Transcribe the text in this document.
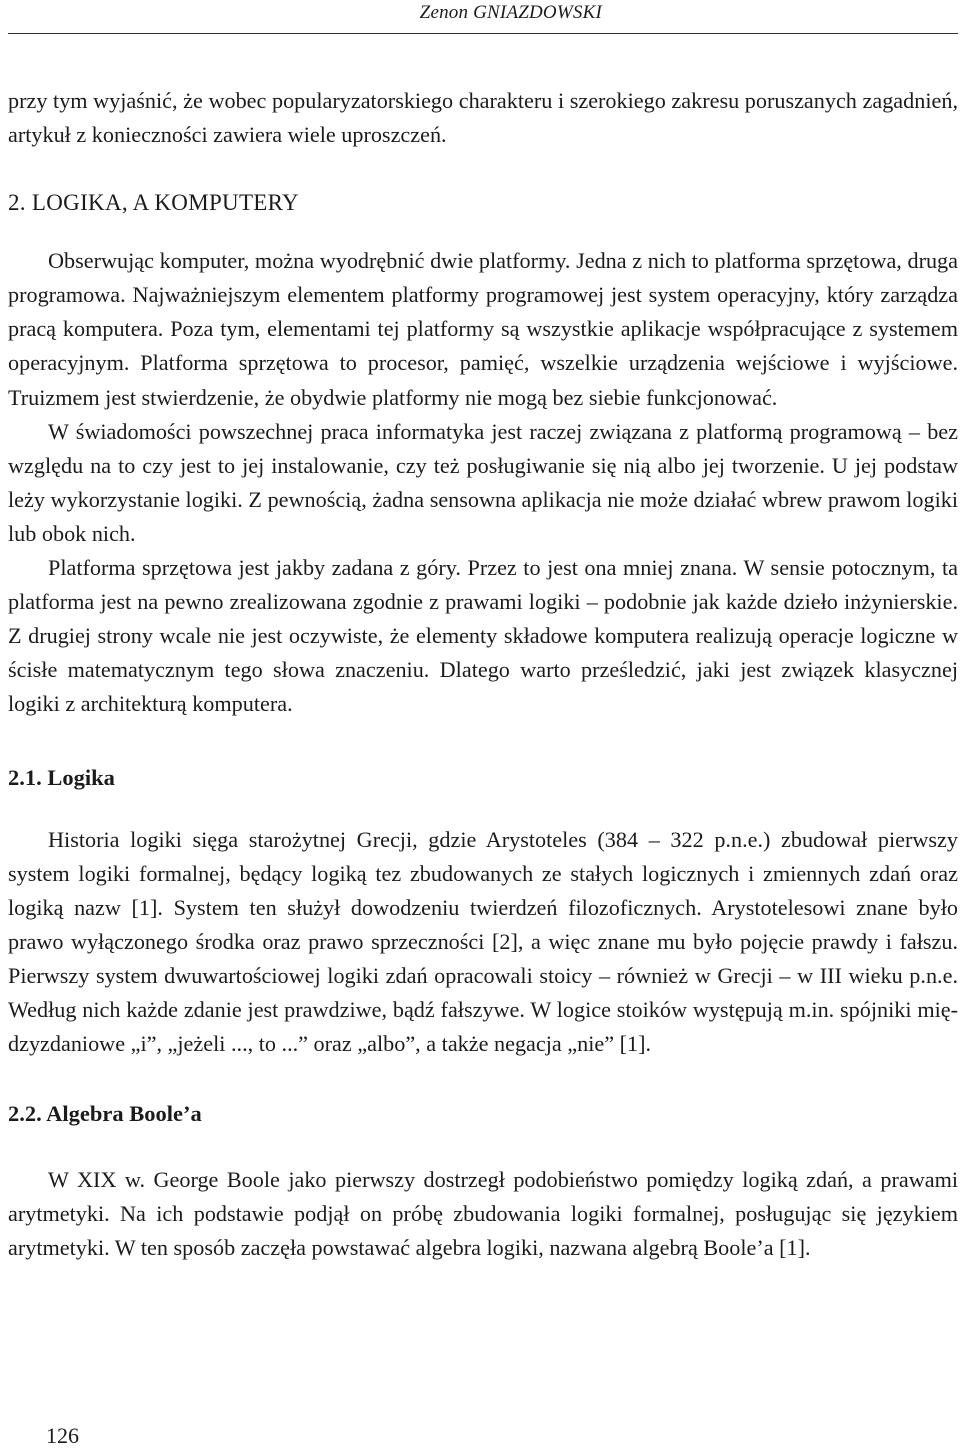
Zenon GNIAZDOWSKI

przy tym wyjaśnić, że wobec popularyzatorskiego charakteru i szerokiego zakresu poruszanych zagadnień, artykuł z konieczności zawiera wiele uproszczeń.

2. LOGIKA, A KOMPUTERY

Obserwując komputer, można wyodrębnić dwie platformy. Jedna z nich to platforma sprzętowa, druga programowa. Najważniejszym elementem platformy programowej jest system operacyjny, który zarządza pracą komputera. Poza tym, elementami tej platformy są wszystkie aplikacje współpracujące z systemem operacyjnym. Platforma sprzętowa to procesor, pamięć, wszelkie urządzenia wejściowe i wyjściowe. Truizmem jest stwierdzenie, że obydwie platformy nie mogą bez siebie funkcjonować.

W świadomości powszechnej praca informatyka jest raczej związana z platformą programową – bez względu na to czy jest to jej instalowanie, czy też posługiwanie się nią albo jej tworzenie. U jej podstaw leży wykorzystanie logiki. Z pewnością, żadna sensowna aplikacja nie może działać wbrew prawom logiki lub obok nich.

Platforma sprzętowa jest jakby zadana z góry. Przez to jest ona mniej znana. W sensie potocznym, ta platforma jest na pewno zrealizowana zgodnie z prawami logiki – podobnie jak każde dzieło inżynierskie. Z drugiej strony wcale nie jest oczywiste, że elementy składowe komputera realizują operacje logiczne w ścisłe matematycznym tego słowa znaczeniu. Dlatego warto prześledzić, jaki jest związek klasycznej logiki z architekturą komputera.

2.1. Logika

Historia logiki sięga starożytnej Grecji, gdzie Arystoteles (384 – 322 p.n.e.) zbudował pierwszy system logiki formalnej, będący logiką tez zbudowanych ze stałych logicznych i zmiennych zdań oraz logiką nazw [1]. System ten służył dowodzeniu twierdzeń filozoficznych. Arystotelesowi znane było prawo wyłączonego środka oraz prawo sprzeczności [2], a więc znane mu było pojęcie prawdy i fałszu. Pierwszy system dwuwartościowej logiki zdań opracowali stoicy – również w Grecji – w III wieku p.n.e. Według nich każde zdanie jest prawdziwe, bądź fałszywe. W logice stoików występują m.in. spójniki międzyzdaniowe „i”, „jeżeli ..., to ...” oraz „albo”, a także negacja „nie” [1].

2.2. Algebra Boole’a

W XIX w. George Boole jako pierwszy dostrzegł podobieństwo pomiędzy logiką zdań, a prawami arytmetyki. Na ich podstawie podjął on próbę zbudowania logiki formalnej, posługując się językiem arytmetyki. W ten sposób zaczęła powstawać algebra logiki, nazwana algebrą Boole’a [1].

126
